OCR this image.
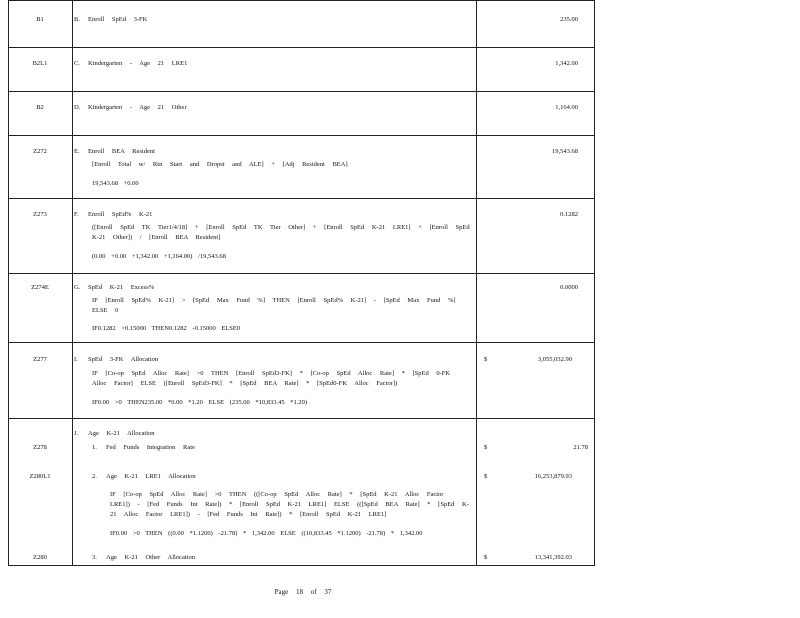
B1	B. Enroll SpEd 3-FK	235.00
B2L1	C. Kindergarten - Age 21 LRE1	1,342.00
B2	D. Kindergarten - Age 21 Other	1,164.00
Z272	E. Enroll BEA Resident	19,543.68
[Enroll Total w/ Rtn Start and Dropst and ALE] + [Adj Resident BEA]
19,543.68 +0.00
Z273	F. Enroll SpEd% K-21	0.1282
([Enroll SpEd TK Tier1/4/18] + [Enroll SpEd TK Tier Other] + [Enroll SpEd K-21 LRE1] + [Enroll SpEd K-21 Other]) / [Enroll BEA Resident]
(0.00 +0.00 +1,342.00 +1,164.00) /19,543.68
Z274E	G. SpEd K-21 Excess%	0.0000
IF [Enroll SpEd% K-21] > [SpEd Max Fund %] THEN [Enroll SpEd% K-21] - [SpEd Max Fund %] ELSE 0
IF0.1282 >0.15000 THEN0.1282 -0.15000 ELSE0
Z277	I. SpEd 3-FK Allocation	$	3,055,032.90
IF [Co-op SpEd Alloc Rate] >0 THEN [Enroll SpEd3-FK] * [Co-op SpEd Alloc Rate] * [SpEd 0-FK Alloc Factor] ELSE ([Enroll SpEd3-FK] * [SpEd BEA Rate] * [SpEd0-FK Alloc Factor])
IF0.00 >0 THEN235.00 *0.00 *1.20 ELSE (235.00 *10,833.45 *1.20)
J. Age K-21 Allocation
Z278	1. Fed Funds Integration Rate	$	21.78
Z280L1	2. Age K-21 LRE1 Allocation	$	16,253,879.93
IF [Co-op SpEd Alloc Rate] >0 THEN (([Co-op SpEd Alloc Rate] * [SpEd K-21 Alloc Factor LRE1]) - [Fed Funds Int Rate]) * [Enroll SpEd K-21 LRE1] ELSE (([SpEd BEA Rate] * [SpEd K-21 Alloc Factor LRE1]) - [Fed Funds Int Rate]) * [Enroll SpEd K-21 LRE1]
IF0.00 >0 THEN ((0.00 *1.1200) -21.78) * 1,342.00 ELSE ((10,833.45 *1.1200) -21.78) * 1,342.00
Z280	3. Age K-21 Other Allocation	$	13,341,392.03
Page 18 of 37
